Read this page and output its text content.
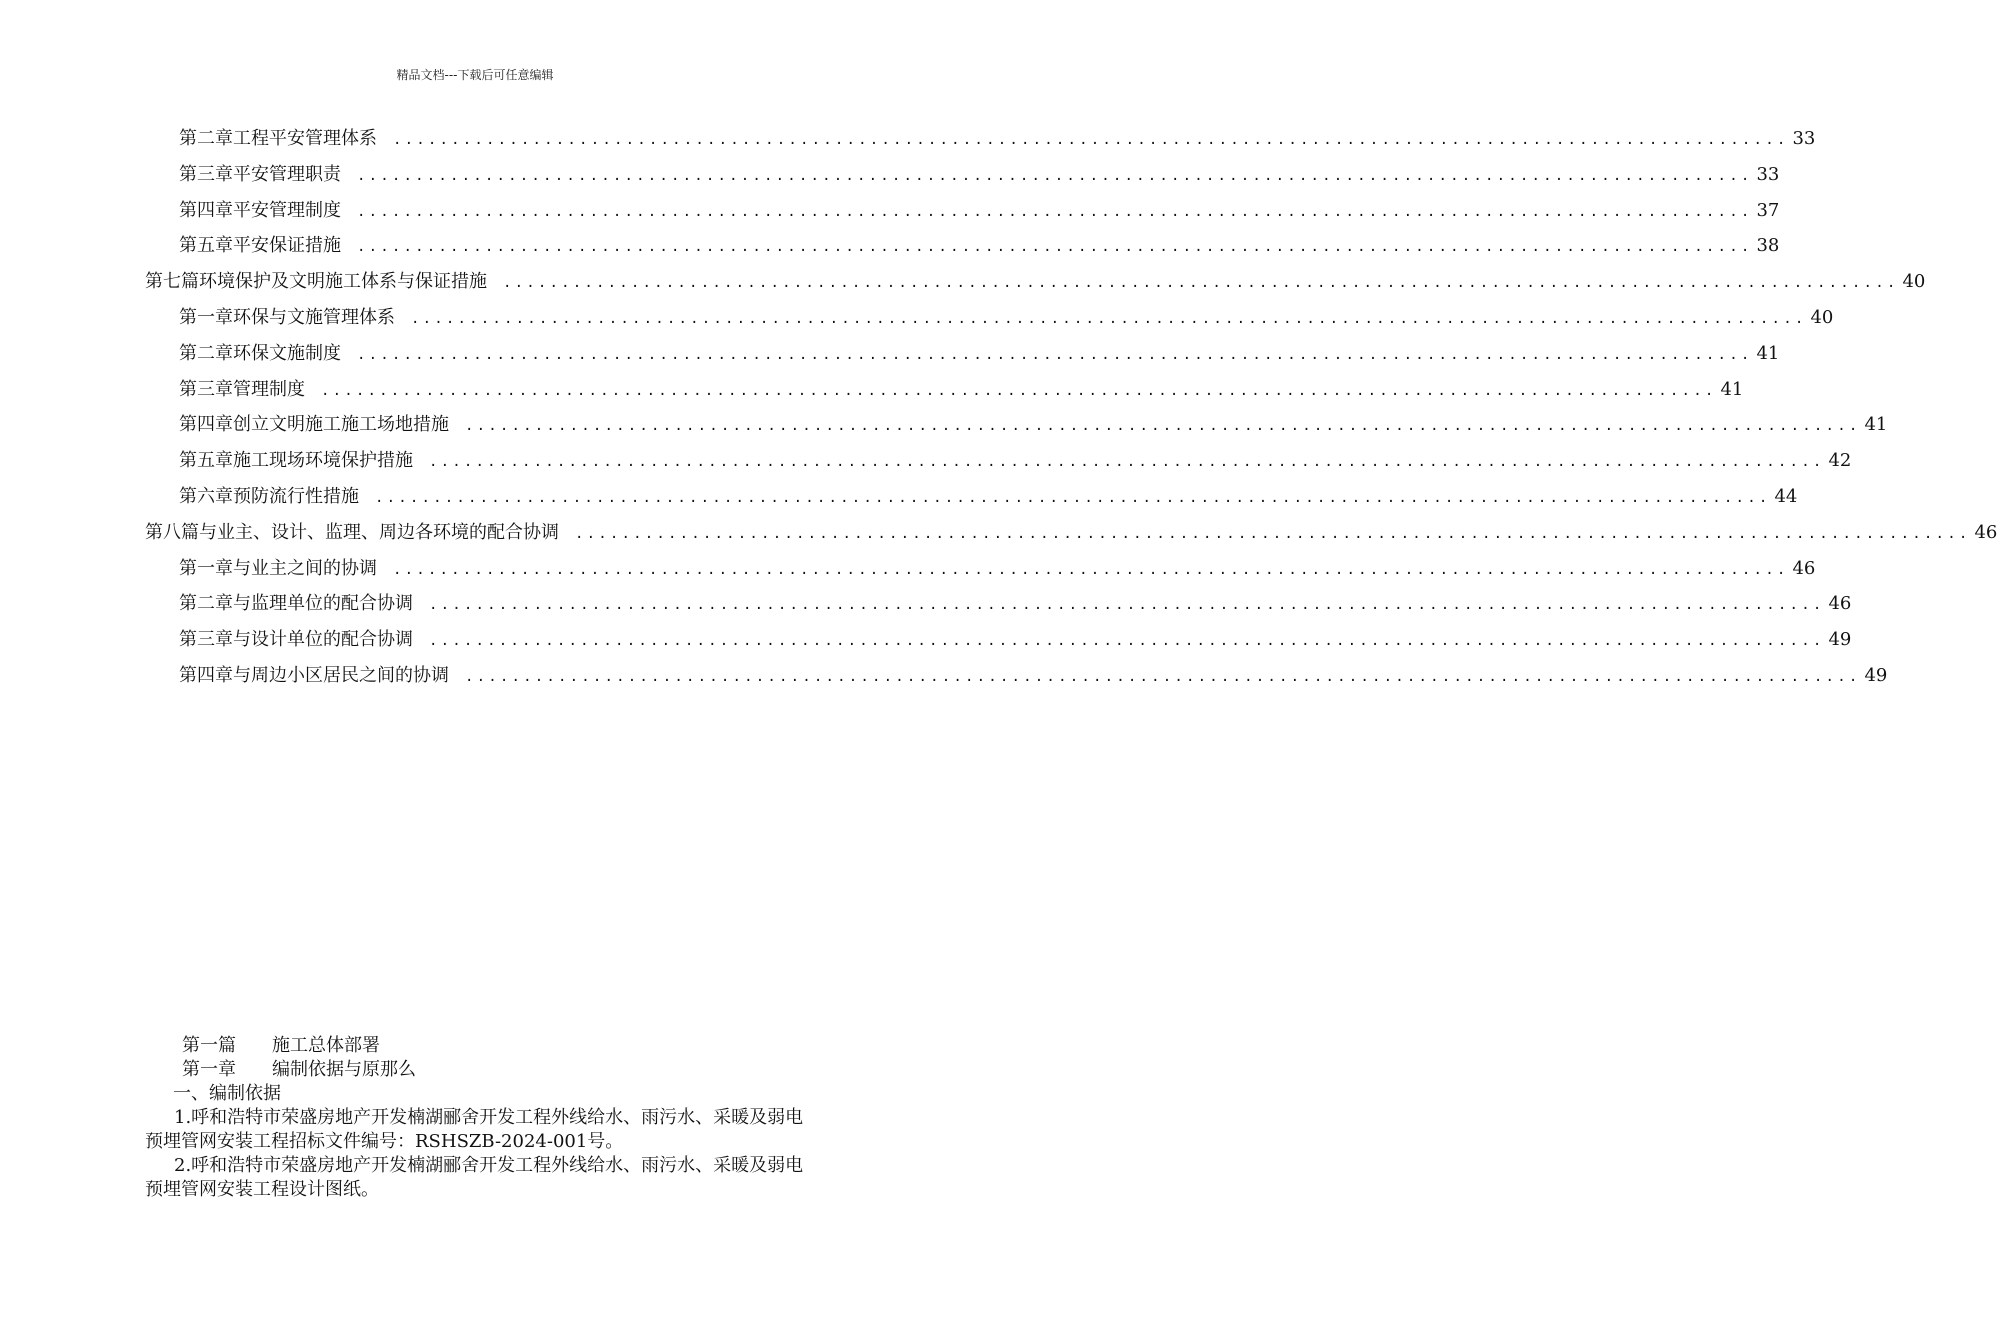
精品文档---下载后可任意编辑
第二章 工程平安管理体系 ........................................................................................................................ 33
第三章 平安管理职责 ........................................................................................................................ 33
第四章 平安管理制度 ........................................................................................................................ 37
第五章 平安保证措施 ........................................................................................................................ 38
第七篇 环境保护及文明施工体系与保证措施 ........................................................................................................................ 40
第一章 环保与文施管理体系 ........................................................................................................................ 40
第二章 环保文施制度 ........................................................................................................................ 41
第三章 管理制度 ........................................................................................................................ 41
第四章 创立文明施工施工场地措施 ........................................................................................................................ 41
第五章 施工现场环境保护措施 ........................................................................................................................ 42
第六章 预防流行性措施 ........................................................................................................................ 44
第八篇 与业主、设计、监理、周边各环境的配合协调 ........................................................................................................................ 46
第一章 与业主之间的协调 ........................................................................................................................ 46
第二章 与监理单位的配合协调 ........................................................................................................................ 46
第三章 与设计单位的配合协调 ........................................................................................................................ 49
第四章 与周边小区居民之间的协调 ........................................................................................................................ 49

第一篇　　施工总体部署

第一章　　编制依据与原那么

一、编制依据

1.呼和浩特市荣盛房地产开发楠湖郦舍开发工程外线给水、雨污水、采暖及弱电预埋管网安装工程招标文件编号：RSHSZB-2024-001号。

2.呼和浩特市荣盛房地产开发楠湖郦舍开发工程外线给水、雨污水、采暖及弱电预埋管网安装工程设计图纸。
